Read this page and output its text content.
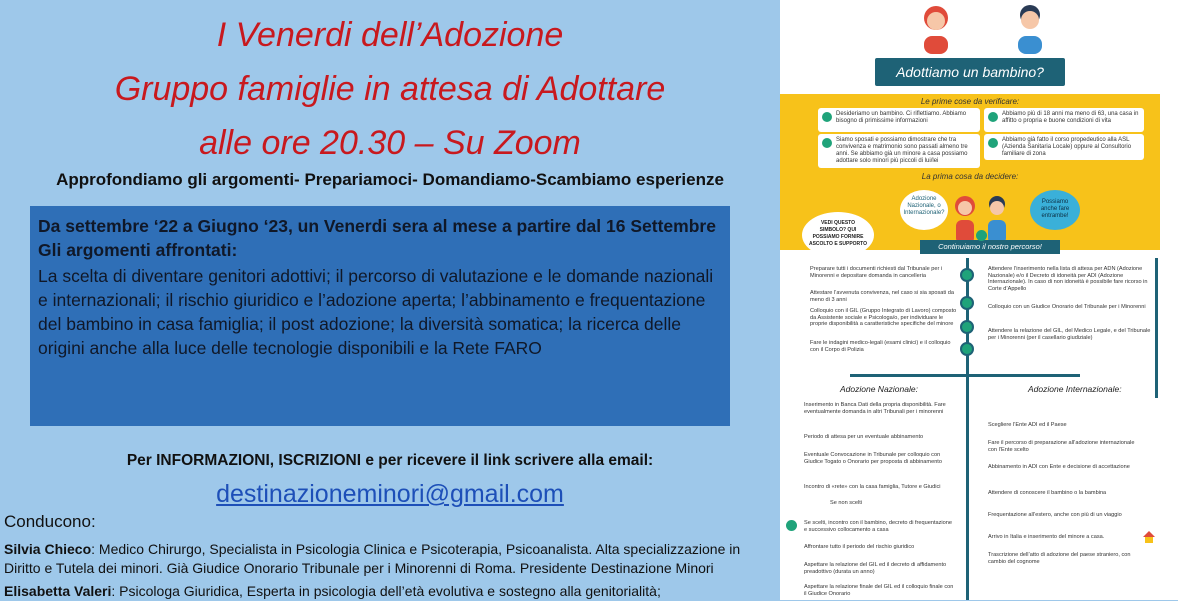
I Venerdi dell’Adozione
Gruppo famiglie in attesa di Adottare
alle ore 20.30 – Su Zoom
Approfondiamo gli argomenti- Prepariamoci- Domandiamo-Scambiamo esperienze
Da settembre ‘22 a Giugno ‘23, un Venerdi sera al mese a partire dal 16 Settembre
Gli argomenti affrontati:
La scelta di diventare genitori adottivi; il percorso di valutazione e le domande nazionali e internazionali; il rischio giuridico e l’adozione aperta; l’abbinamento e frequentazione del bambino in casa famiglia; il post adozione; la diversità somatica; la ricerca delle origini anche alla luce delle tecnologie disponibili e la Rete FARO
Per INFORMAZIONI, ISCRIZIONI e per ricevere il link scrivere alla email:
destinazioneminori@gmail.com
Conducono:
Silvia Chieco: Medico Chirurgo, Specialista in Psicologia Clinica e Psicoterapia, Psicoanalista. Alta specializzazione in Diritto e Tutela dei minori. Già Giudice Onorario Tribunale per i Minorenni di Roma. Presidente Destinazione Minori
Elisabetta Valeri: Psicologa Giuridica, Esperta in psicologia dell’età evolutiva e sostegno alla genitorialità;
Adottiamo un bambino?
Le prime cose da verificare:
Desideriamo un bambino. Ci riflettiamo. Abbiamo bisogno di primissime informazioni
Abbiamo più di 18 anni ma meno di 63, una casa in affitto o propria e buone condizioni di vita
Siamo sposati e possiamo dimostrare che tra convivenza e matrimonio sono passati almeno tre anni. Se abbiamo già un minore a casa possiamo adottare solo minori più piccoli di lui/lei
Abbiamo già fatto il corso propedeutico alla ASL (Azienda Sanitaria Locale) oppure al Consultorio familiare di zona
La prima cosa da decidere:
Adozione Nazionale, o Internazionale?
Possiamo anche fare entrambe!
VEDI QUESTO SIMBOLO? QUI POSSIAMO FORNIRE ASCOLTO E SUPPORTO	Continuiamo il nostro percorso!
Preparare tutti i documenti richiesti dal Tribunale per i Minorenni e depositare domanda in cancelleria
Attestare l’avvenuta convivenza, nel caso si sia sposati da meno di 3 anni
Colloquio con il GIL (Gruppo Integrato di Lavoro) composto da Assistente sociale e Psicologa/o, per individuare le proprie disponibilità a caratteristiche specifiche del minore
Fare le indagini medico-legali (esami clinici) e il colloquio con il Corpo di Polizia
Attendere l’inserimento nella lista di attesa per ADN (Adozione Nazionale) e/o il Decreto di idoneità per ADI (Adozione Internazionale). In caso di non idoneità è possibile fare ricorso in Corte d’Appello
Colloquio con un Giudice Onorario del Tribunale per i Minorenni
Attendere la relazione del GIL, del Medico Legale, e del Tribunale per i Minorenni (per il casellario giudiziale)
Adozione Nazionale:	Adozione Internazionale:
Inserimento in Banca Dati della propria disponibilità. Fare eventualmente domanda in altri Tribunali per i minorenni
Periodo di attesa per un eventuale abbinamento
Eventuale Convocazione in Tribunale per colloquio con Giudice Togato o Onorario per proposta di abbinamento
Incontro di «rete» con la casa famiglia, Tutore e Giudici
Se non scelti
Se scelti, incontro con il bambino, decreto di frequentazione e successivo collocamento a casa
Affrontare tutto il periodo del rischio giuridico
Aspettare la relazione del GIL ed il decreto di affidamento preadottivo (durata un anno)
Aspettare la relazione finale del GIL ed il colloquio finale con il Giudice Onorario
Scegliere l’Ente ADI ed il Paese
Fare il percorso di preparazione all’adozione internazionale con l’Ente scelto
Abbinamento in ADI con Ente e decisione di accettazione
Attendere di conoscere il bambino o la bambina
Frequentazione all’estero, anche con più di un viaggio
Arrivo in Italia e inserimento del minore a casa.
Trascrizione dell’atto di adozione del paese straniero, con cambio del cognome
